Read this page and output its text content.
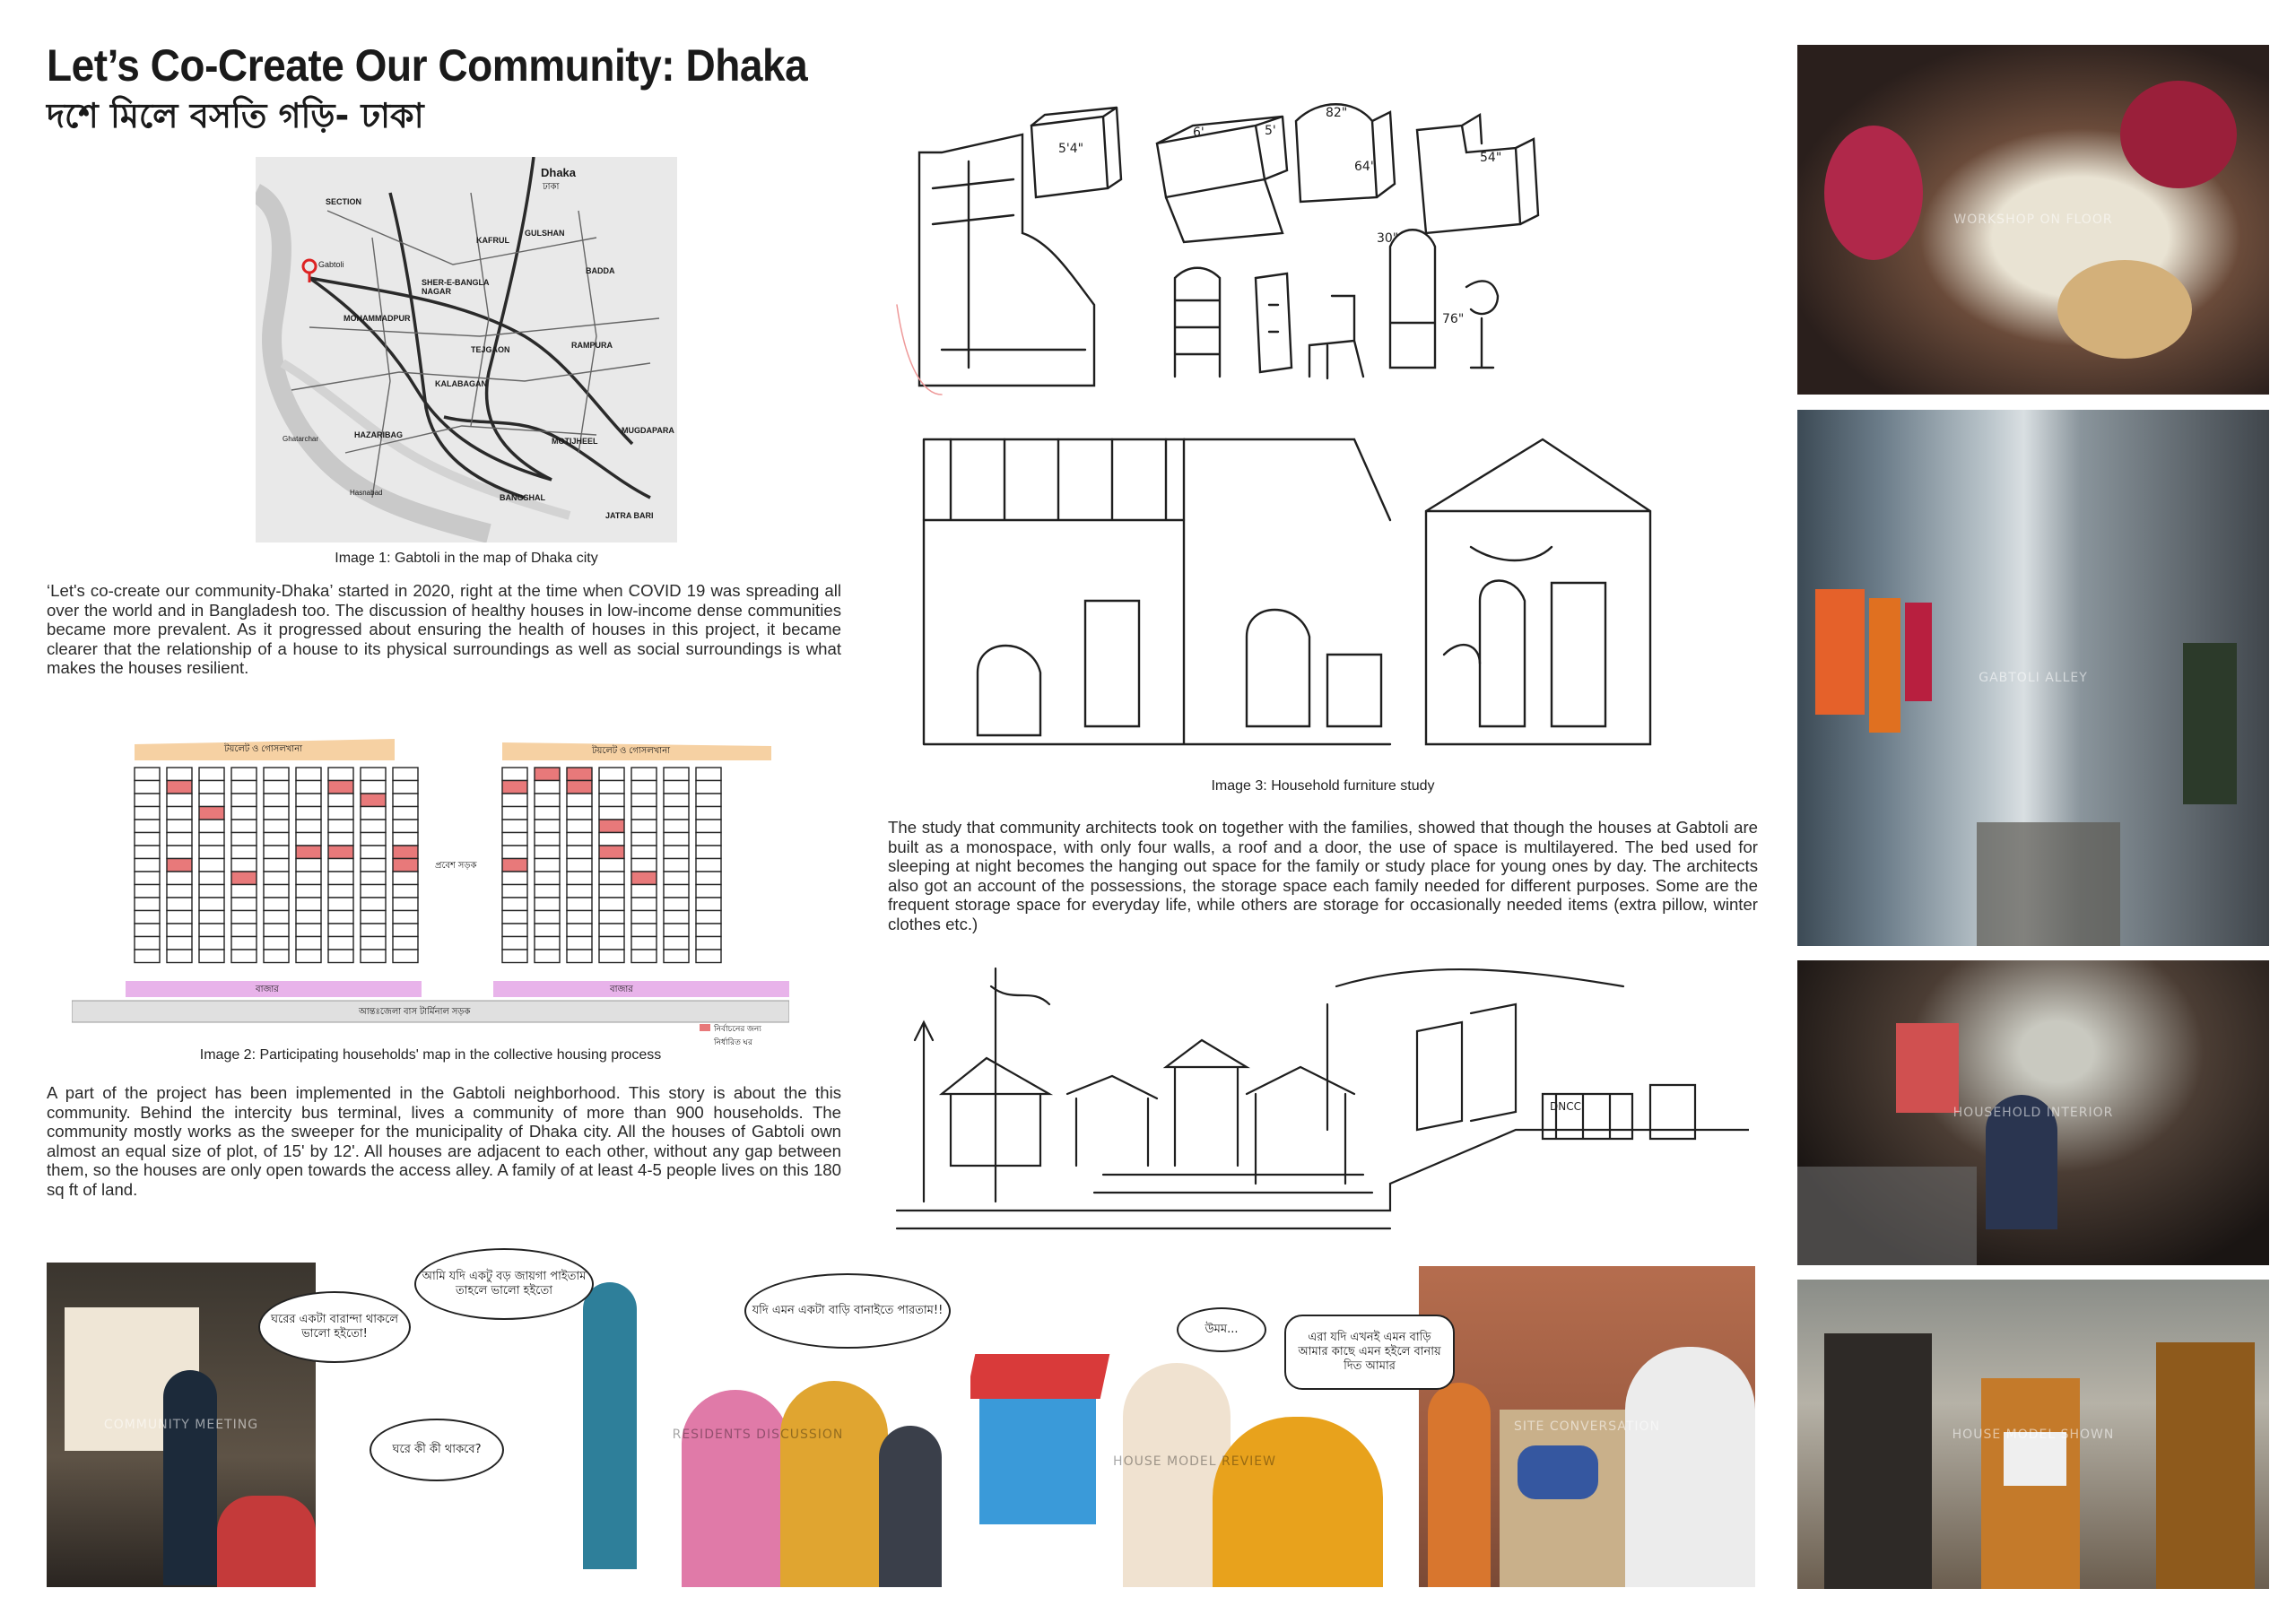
Let’s Co-Create Our Community: Dhaka
দশে মিলে বসতি গড়ি- ঢাকা
Dhaka
ঢাকা
SECTION
GULSHAN
KAFRUL
BADDA
Gabtoli
SHER-E-BANGLA NAGAR
MOHAMMADPUR
TEJGAON	RAMPURA
KALABAGAN
HAZARIBAG
MOTIJHEEL
MUGDAPARA
Ghatarchar
Hasnabad
BANGSHAL
JATRA BARI
Image 1: Gabtoli in the map of Dhaka city
‘Let's co-create our community-Dhaka’ started in 2020, right at the time when COVID 19 was spreading all over the world and in Bangladesh too. The discussion of healthy houses in low-income dense communities became more prevalent. As it progressed about ensuring the health of houses in this project, it became clearer that the relationship of a house to its physical surroundings as well as social surroundings is what makes the houses resilient.
টয়লেট ও গোসলখানা	টয়লেট ও গোসলখানা
প্রবেশ সড়ক
বাজার	বাজার
আন্তঃজেলা বাস টার্মিনাল সড়ক
নির্বাচনের জন্য নির্ধারিত ঘর
Image 2: Participating households' map in the collective housing process
A part of the project has been implemented in the Gabtoli neighborhood. This story is about the this community. Behind the intercity bus terminal, lives a community of more than 900 households. The community mostly works as the sweeper for the municipality of Dhaka city. All the houses of Gabtoli own almost an equal size of plot, of 15' by 12'. All houses are adjacent to each other, without any gap between them, so the houses are only open towards the access alley. A family of at least 4-5 people lives on this 180 sq ft of land.
5'4"
6'	5'
82"
64"
54"
30"
76"
Image 3: Household furniture study
The study that community architects took on together with the families, showed that though the houses at Gabtoli are built as a monospace, with only four walls, a roof and a door, the use of space is multilayered. The bed used for sleeping at night becomes the hanging out space for the family or study place for young ones by day. The architects also got an account of the possessions, the storage space each family needed for different purposes. Some are the frequent storage space for everyday life, while others are storage for occasionally needed items (extra pillow, winter clothes etc.)
DNCC
WORKSHOP ON FLOOR
GABTOLI ALLEY
HOUSEHOLD INTERIOR
HOUSE MODEL SHOWN
COMMUNITY MEETING
RESIDENTS DISCUSSION
HOUSE MODEL REVIEW
SITE CONVERSATION
ঘরের একটা বারান্দা থাকলে ভালো হইতো!
আমি যদি একটু বড় জায়গা পাইতাম তাহলে ভালো হইতো
ঘরে কী কী থাকবে?
যদি এমন একটা বাড়ি বানাইতে পারতাম!!
উমম...
এরা যদি এখনই এমন বাড়ি আমার কাছে এমন হইলে বানায় দিত আমার
